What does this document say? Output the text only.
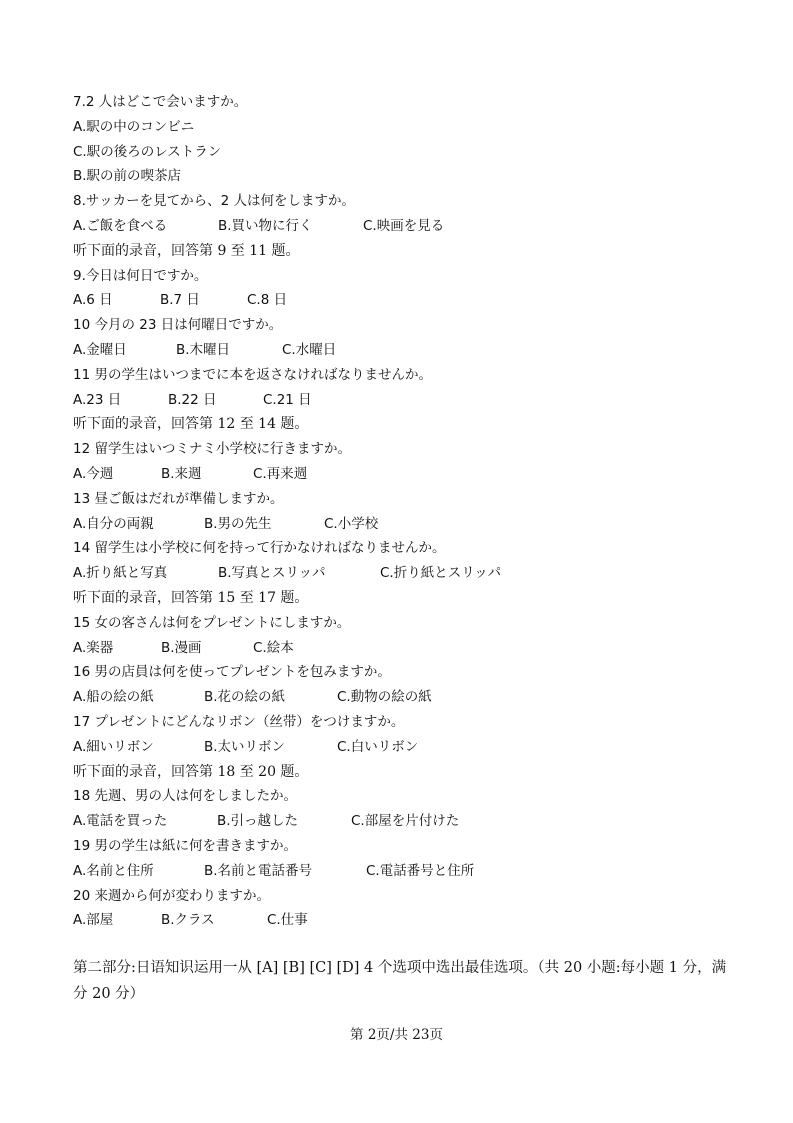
7.2 人はどこで会いますか。
A.駅の中のコンビニ
C.駅の後ろのレストラン
B.駅の前の喫茶店
8.サッカーを見てから、2 人は何をしますか。
A.ご飯を食べる	B.買い物に行く	C.映画を見る
听下面的录音，回答第 9 至 11 题。
9.今日は何日ですか。
A.6 日	B.7 日	C.8 日
10 今月の 23 日は何曜日ですか。
A.金曜日	B.木曜日	C.水曜日
11 男の学生はいつまでに本を返さなければなりませんか。
A.23 日	B.22 日	C.21 日
听下面的录音，回答第 12 至 14 题。
12 留学生はいつミナミ小学校に行きますか。
A.今週	B.来週	C.再来週
13 昼ご飯はだれが準備しますか。
A.自分の両親	B.男の先生	C.小学校
14 留学生は小学校に何を持って行かなければなりませんか。
A.折り紙と写真	B.写真とスリッパ	C.折り紙とスリッパ
听下面的录音，回答第 15 至 17 题。
15 女の客さんは何をプレゼントにしますか。
A.楽器	B.漫画	C.絵本
16 男の店員は何を使ってプレゼントを包みますか。
A.船の絵の紙	B.花の絵の紙	C.動物の絵の紙
17 プレゼントにどんなリボン（丝带）をつけますか。
A.細いリボン	B.太いリボン	C.白いリボン
听下面的录音，回答第 18 至 20 题。
18 先週、男の人は何をしましたか。
A.電話を買った	B.引っ越した	C.部屋を片付けた
19 男の学生は紙に何を書きますか。
A.名前と住所	B.名前と電話番号	C.電話番号と住所
20 来週から何が変わりますか。
A.部屋	B.クラス	C.仕事
第二部分:日语知识运用一从 [A] [B] [C] [D] 4 个选项中选出最佳选项。（共 20 小题:每小题 1 分，满分 20 分）
第 2页/共 23页
